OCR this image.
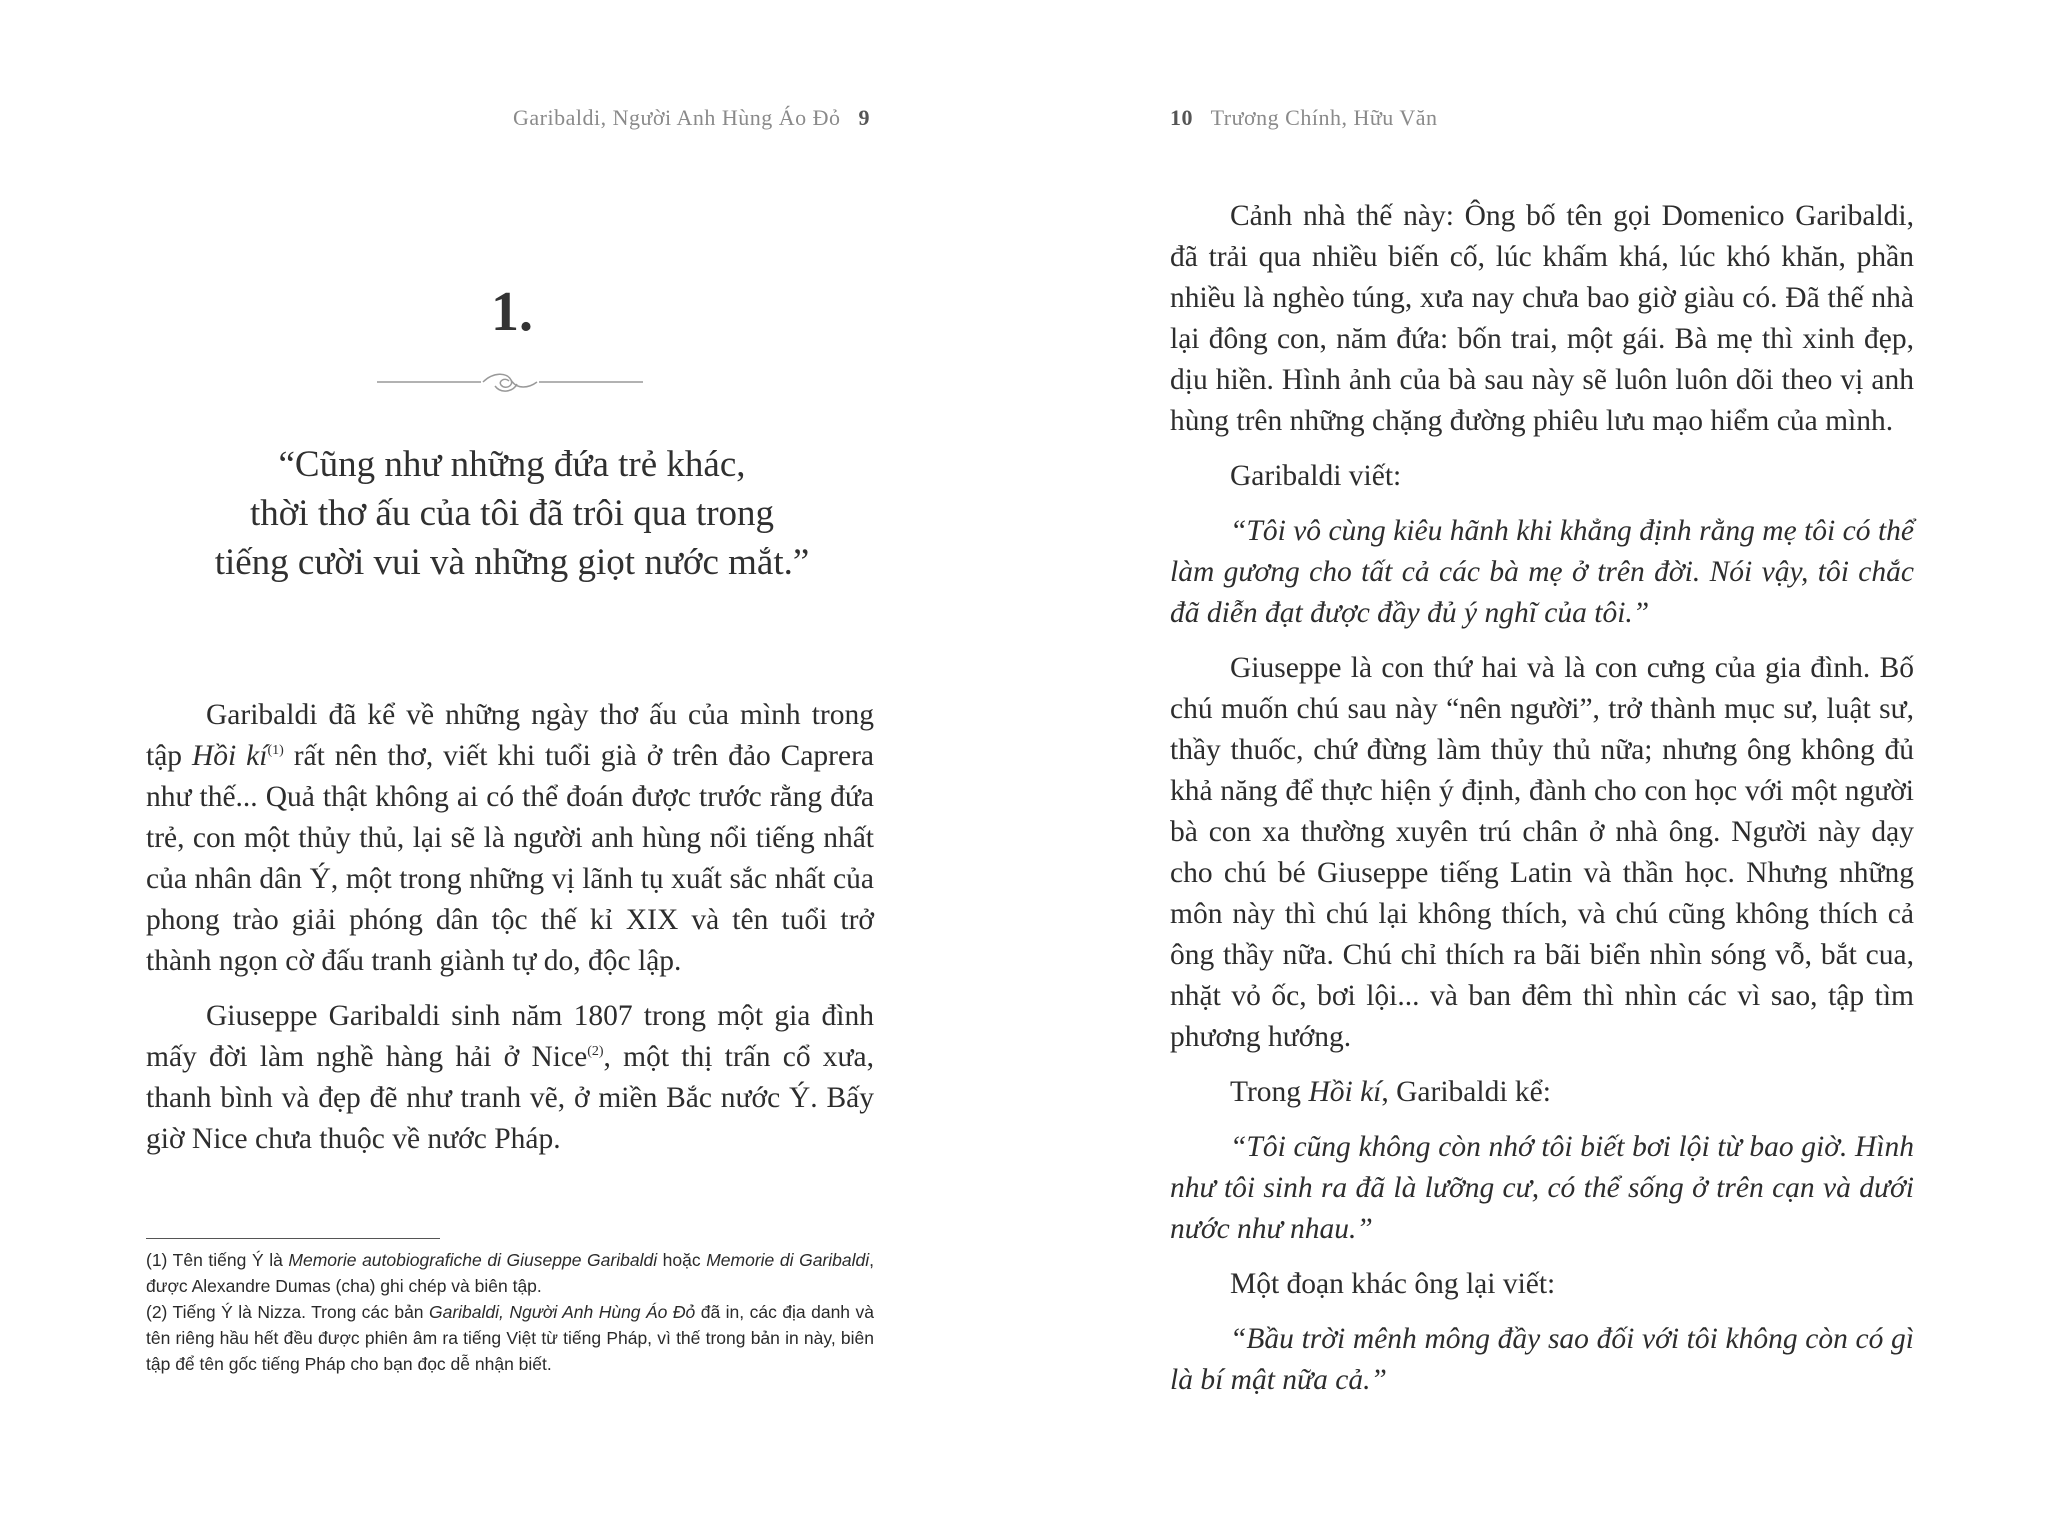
Garibaldi, Người Anh Hùng Áo Đỏ 9
1.
“Cũng như những đứa trẻ khác,
thời thơ ấu của tôi đã trôi qua trong
tiếng cười vui và những giọt nước mắt.”

Garibaldi đã kể về những ngày thơ ấu của mình trong tập Hồi $kí^{(1)}$ rất nên thơ, viết khi tuổi già ở trên đảo Caprera như thế... Quả thật không ai có thể đoán được trước rằng đứa trẻ, con một thủy thủ, lại sẽ là người anh hùng nổi tiếng nhất của nhân dân Ý, một trong những vị lãnh tụ xuất sắc nhất của phong trào giải phóng dân tộc thế kỉ XIX và tên tuổi trở thành ngọn cờ đấu tranh giành tự do, độc lập.

Giuseppe Garibaldi sinh năm 1807 trong một gia đình mấy đời làm nghề hàng hải ở Nice$^{(2)}$, một thị trấn cổ xưa, thanh bình và đẹp đẽ như tranh vẽ, ở miền Bắc nước Ý. Bấy giờ Nice chưa thuộc về nước Pháp.

(1) Tên tiếng Ý là Memorie autobiografiche di Giuseppe Garibaldi hoặc Memorie di Garibaldi, được Alexandre Dumas (cha) ghi chép và biên tập.

(2) Tiếng Ý là Nizza. Trong các bản Garibaldi, Người Anh Hùng Áo Đỏ đã in, các địa danh và tên riêng hầu hết đều được phiên âm ra tiếng Việt từ tiếng Pháp, vì thế trong bản in này, biên tập để tên gốc tiếng Pháp cho bạn đọc dễ nhận biết.

10 Trương Chính, Hữu Văn

Cảnh nhà thế này: Ông bố tên gọi Domenico Garibaldi, đã trải qua nhiều biến cố, lúc khấm khá, lúc khó khăn, phần nhiều là nghèo túng, xưa nay chưa bao giờ giàu có. Đã thế nhà lại đông con, năm đứa: bốn trai, một gái. Bà mẹ thì xinh đẹp, dịu hiền. Hình ảnh của bà sau này sẽ luôn luôn dõi theo vị anh hùng trên những chặng đường phiêu lưu mạo hiểm của mình.

Garibaldi viết:

“Tôi vô cùng kiêu hãnh khi khẳng định rằng mẹ tôi có thể làm gương cho tất cả các bà mẹ ở trên đời. Nói vậy, tôi chắc đã diễn đạt được đầy đủ ý nghĩ của tôi.”

Giuseppe là con thứ hai và là con cưng của gia đình. Bố chú muốn chú sau này “nên người”, trở thành mục sư, luật sư, thầy thuốc, chứ đừng làm thủy thủ nữa; nhưng ông không đủ khả năng để thực hiện ý định, đành cho con học với một người bà con xa thường xuyên trú chân ở nhà ông. Người này dạy cho chú bé Giuseppe tiếng Latin và thần học. Nhưng những môn này thì chú lại không thích, và chú cũng không thích cả ông thầy nữa. Chú chỉ thích ra bãi biển nhìn sóng vỗ, bắt cua, nhặt vỏ ốc, bơi lội... và ban đêm thì nhìn các vì sao, tập tìm phương hướng.

Trong Hồi kí, Garibaldi kể:

“Tôi cũng không còn nhớ tôi biết bơi lội từ bao giờ. Hình như tôi sinh ra đã là lưỡng cư, có thể sống ở trên cạn và dưới nước như nhau.”

Một đoạn khác ông lại viết:

“Bầu trời mênh mông đầy sao đối với tôi không còn có gì là bí mật nữa cả.”
